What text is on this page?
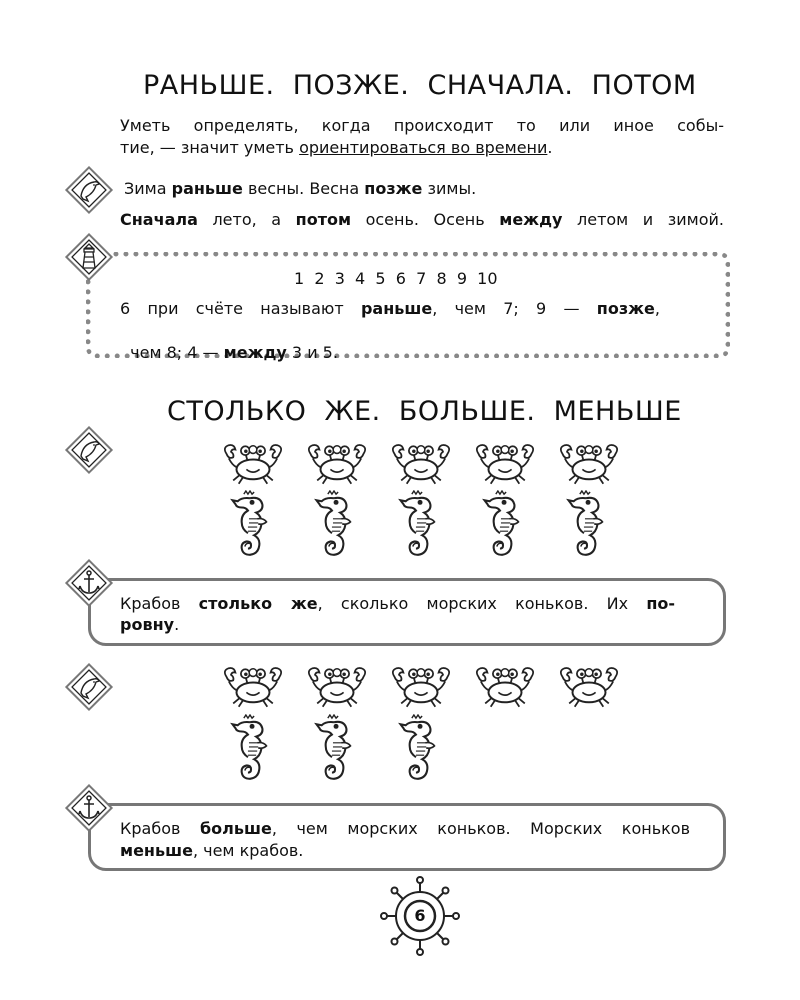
РАНЬШЕ.  ПОЗЖЕ.  СНАЧАЛА.  ПОТОМ
Уметь определять, когда происходит то или иное собы-
тие, — значит уметь ориентироваться во времени.
Зима раньше весны. Весна позже зимы.
Сначала лето, а потом осень. Осень между летом и зимой.
1  2  3  4  5  6  7  8  9  10
6 при счёте называют раньше, чем 7; 9 — позже,

чем 8; 4 — между 3 и 5.

СТОЛЬКО  ЖЕ.  БОЛЬШЕ.  МЕНЬШЕ
Крабов столько же, сколько морских коньков. Их по-
ровну.
Крабов больше, чем морских коньков. Морских коньков
меньше, чем крабов.
6
